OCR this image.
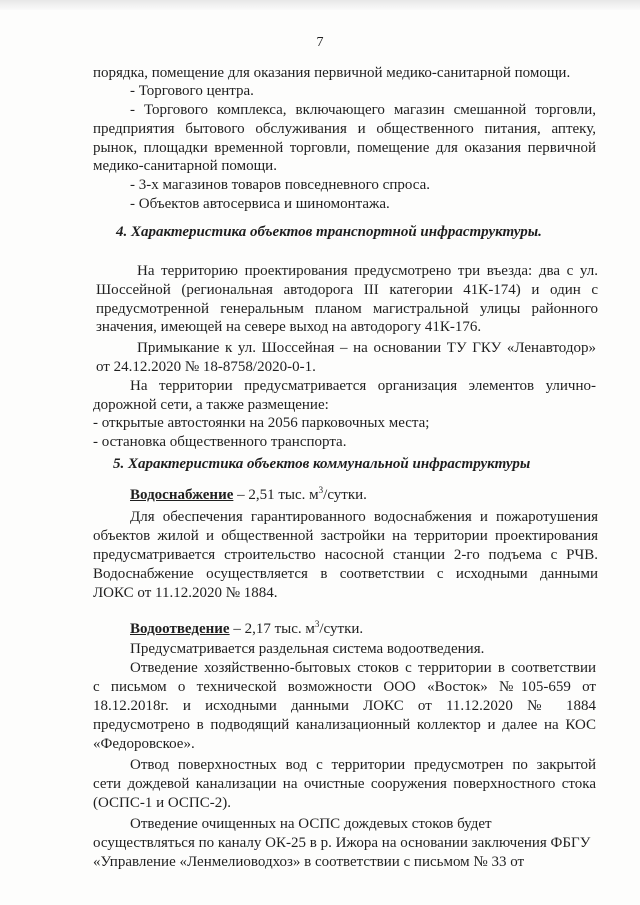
7
порядка, помещение для оказания первичной медико-санитарной помощи.
- Торгового центра.
- Торгового комплекса, включающего магазин смешанной торговли,
предприятия бытового обслуживания и общественного питания, аптеку,
рынок, площадки временной торговли, помещение для оказания первичной
медико-санитарной помощи.
- 3-х магазинов товаров повседневного спроса.
- Объектов автосервиса и шиномонтажа.
4. Характеристика объектов транспортной инфраструктуры.
На территорию проектирования предусмотрено три въезда: два с ул.
Шоссейной (региональная автодорога III категории 41К-174) и один с
предусмотренной генеральным планом магистральной улицы районного
значения, имеющей на севере выход на автодорогу 41К-176.
Примыкание к ул. Шоссейная – на основании ТУ ГКУ «Ленавтодор»
от 24.12.2020 № 18-8758/2020-0-1.
На территории предусматривается организация элементов улично-
дорожной сети, а также размещение:
- открытые автостоянки на 2056 парковочных места;
- остановка общественного транспорта.
5. Характеристика объектов коммунальной инфраструктуры
Водоснабжение – 2,51 тыс. $м^3$/сутки.
Для обеспечения гарантированного водоснабжения и пожаротушения
объектов жилой и общественной застройки на территории проектирования
предусматривается строительство насосной станции 2-го подъема с РЧВ.
Водоснабжение осуществляется в соответствии с исходными данными
ЛОКС от 11.12.2020 № 1884.
Водоотведение – 2,17 тыс. $м^3$/сутки.
Предусматривается раздельная система водоотведения.
Отведение хозяйственно-бытовых стоков с территории в соответствии
с письмом о технической возможности ООО «Восток» №105-659 от
18.12.2018г. и исходными данными ЛОКС от 11.12.2020 № 1884
предусмотрено в подводящий канализационный коллектор и далее на КОС
«Федоровское».
Отвод поверхностных вод с территории предусмотрен по закрытой
сети дождевой канализации на очистные сооружения поверхностного стока
(ОСПС-1 и ОСПС-2).
Отведение очищенных на ОСПС дождевых стоков будет
осуществляться по каналу ОК-25 в р. Ижора на основании заключения ФБГУ
«Управление «Ленмелиоводхоз» в соответствии с письмом № 33 от
